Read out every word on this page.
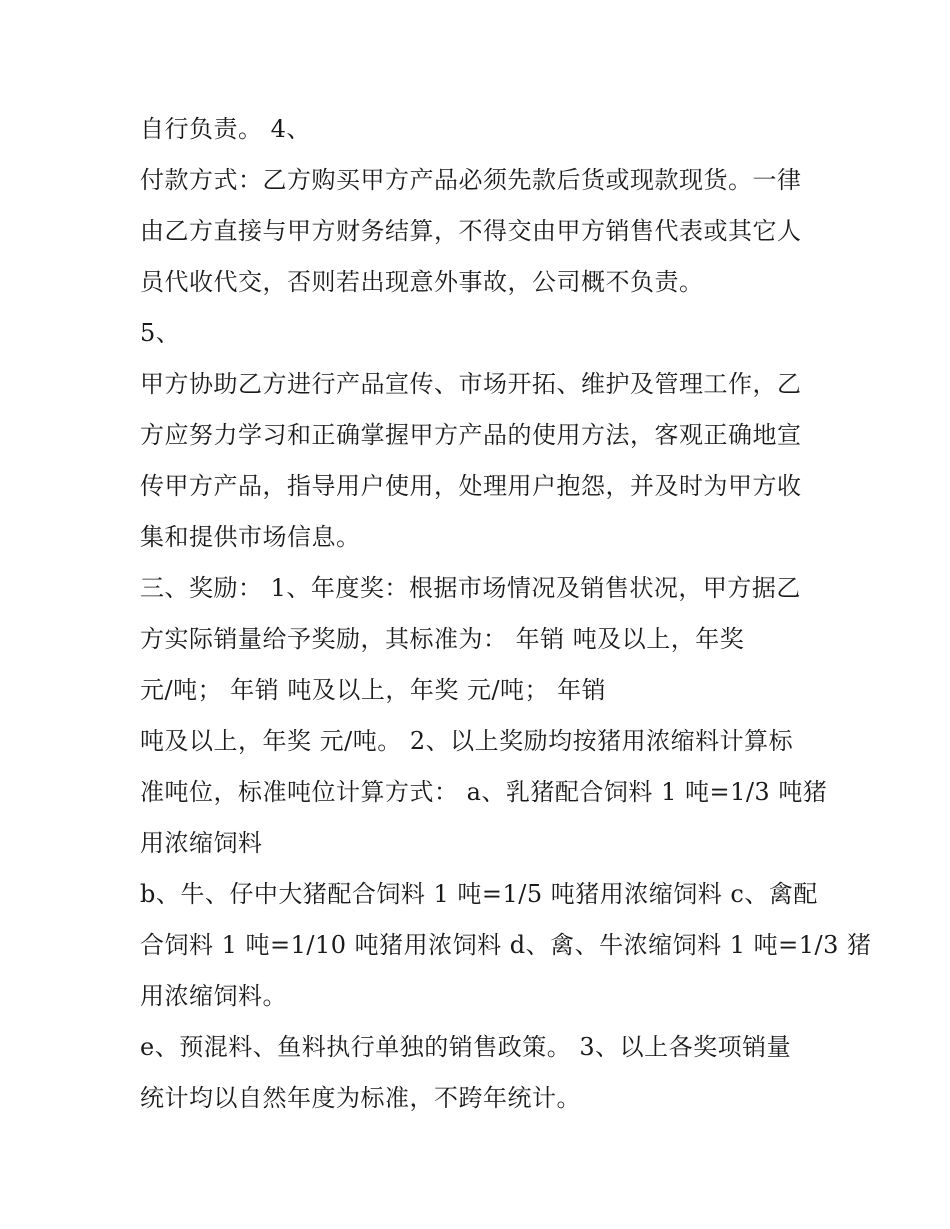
自行负责。 4、
付款方式：乙方购买甲方产品必须先款后货或现款现货。一律
由乙方直接与甲方财务结算，不得交由甲方销售代表或其它人
员代收代交，否则若出现意外事故，公司概不负责。
5、
甲方协助乙方进行产品宣传、市场开拓、维护及管理工作，乙
方应努力学习和正确掌握甲方产品的使用方法，客观正确地宣
传甲方产品，指导用户使用，处理用户抱怨，并及时为甲方收
集和提供市场信息。
三、奖励： 1、年度奖：根据市场情况及销售状况，甲方据乙
方实际销量给予奖励，其标准为： 年销 吨及以上，年奖
元/吨； 年销 吨及以上，年奖 元/吨； 年销
吨及以上，年奖 元/吨。 2、以上奖励均按猪用浓缩料计算标
准吨位，标准吨位计算方式： a、乳猪配合饲料 1 吨=1/3 吨猪
用浓缩饲料
b、牛、仔中大猪配合饲料 1 吨=1/5 吨猪用浓缩饲料 c、禽配
合饲料 1 吨=1/10 吨猪用浓饲料 d、禽、牛浓缩饲料 1 吨=1/3 猪
用浓缩饲料。
e、预混料、鱼料执行单独的销售政策。 3、以上各奖项销量
统计均以自然年度为标准，不跨年统计。
